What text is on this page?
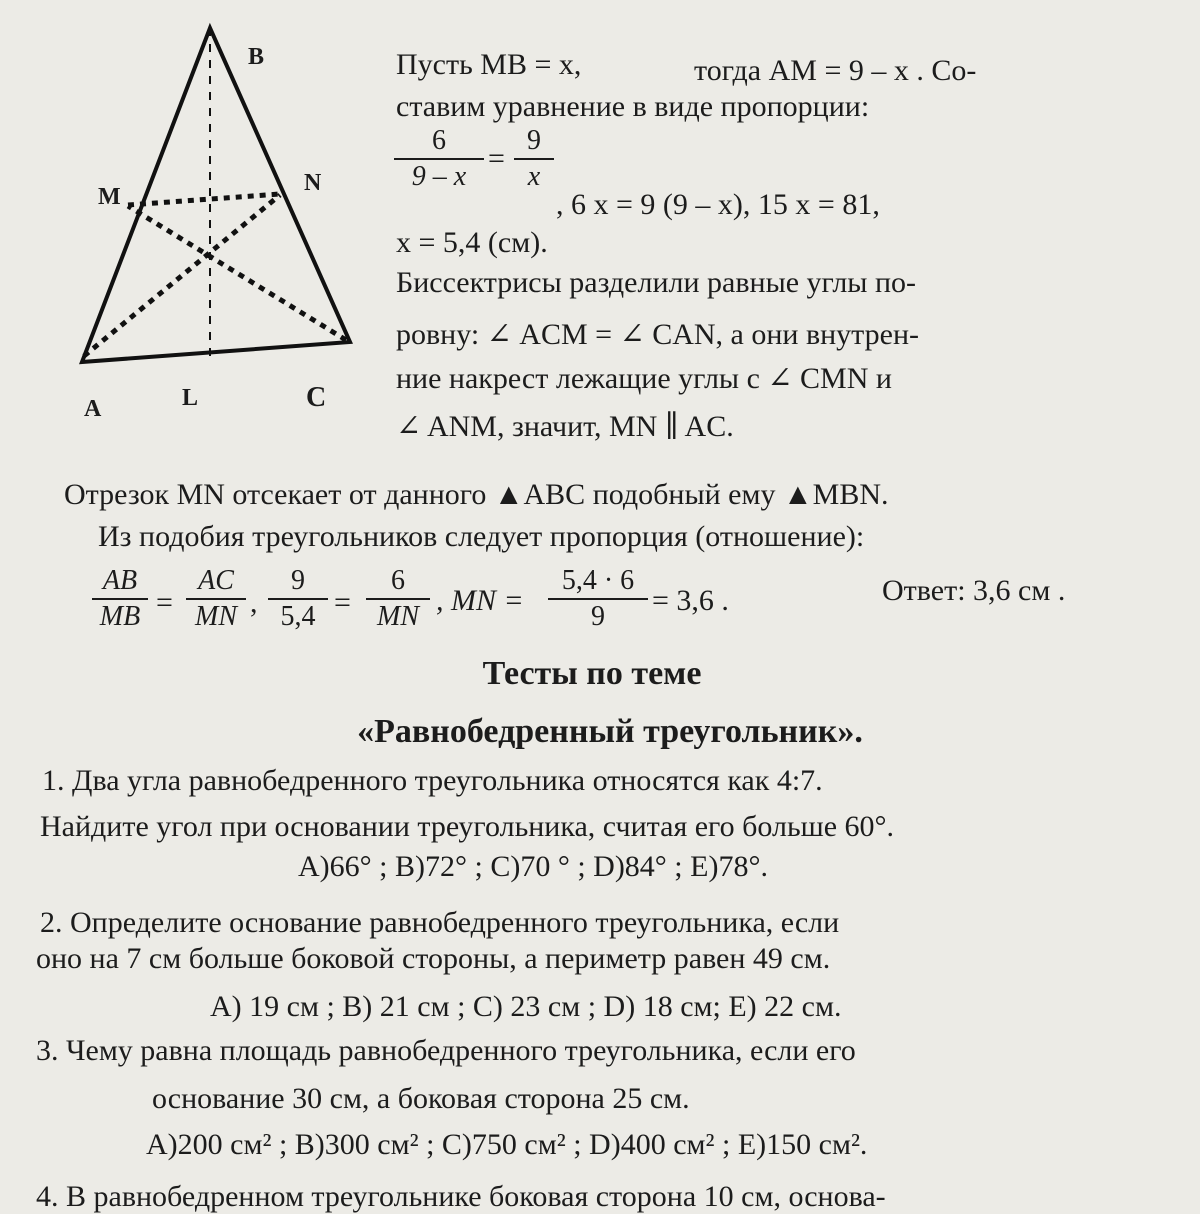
B
M
N
A	L	C
Пусть MB = x,	тогда AM = 9 – x . Со-
ставим уравнение в виде пропорции:
$\frac{6}{9 - x} = \frac{9}{x}$
, 6 x = 9 (9 – x), 15 x = 81,
x = 5,4 (см).
Биссектрисы разделили равные углы по-
ровну: ∠ ACM = ∠ CAN, а они внутрен-
ние накрест лежащие углы с ∠ CMN и
∠ ANM, значит, MN ∥ AC.
Отрезок MN отсекает от данного ▲ABC подобный ему ▲MBN.
Из подобия треугольников следует пропорция (отношение):
$\frac{AB}{MB} = \frac{AC}{MN}$ , $\frac{9}{5,4} = \frac{6}{MN}$ , MN = $\frac{5,4 \cdot 6}{9} = 3,6$ .	Ответ: 3,6 см .
Тесты по теме
«Равнобедренный треугольник».
1. Два угла равнобедренного треугольника относятся как 4:7.
Найдите угол при основании треугольника, считая его больше 60°.
A)66° ; B)72° ; C)70 ° ; D)84° ; E)78°.
2. Определите основание равнобедренного треугольника, если
оно на 7 см больше боковой стороны, а периметр равен 49 см.
A) 19 см ; B) 21 см ; C) 23 см ; D) 18 см; E) 22 см.
3. Чему равна площадь равнобедренного треугольника, если его
основание 30 см, а боковая сторона 25 см.
A)200 см² ; B)300 см² ; C)750 см² ; D)400 см² ; E)150 см².
4. В равнобедренном треугольнике боковая сторона 10 см, основа-
